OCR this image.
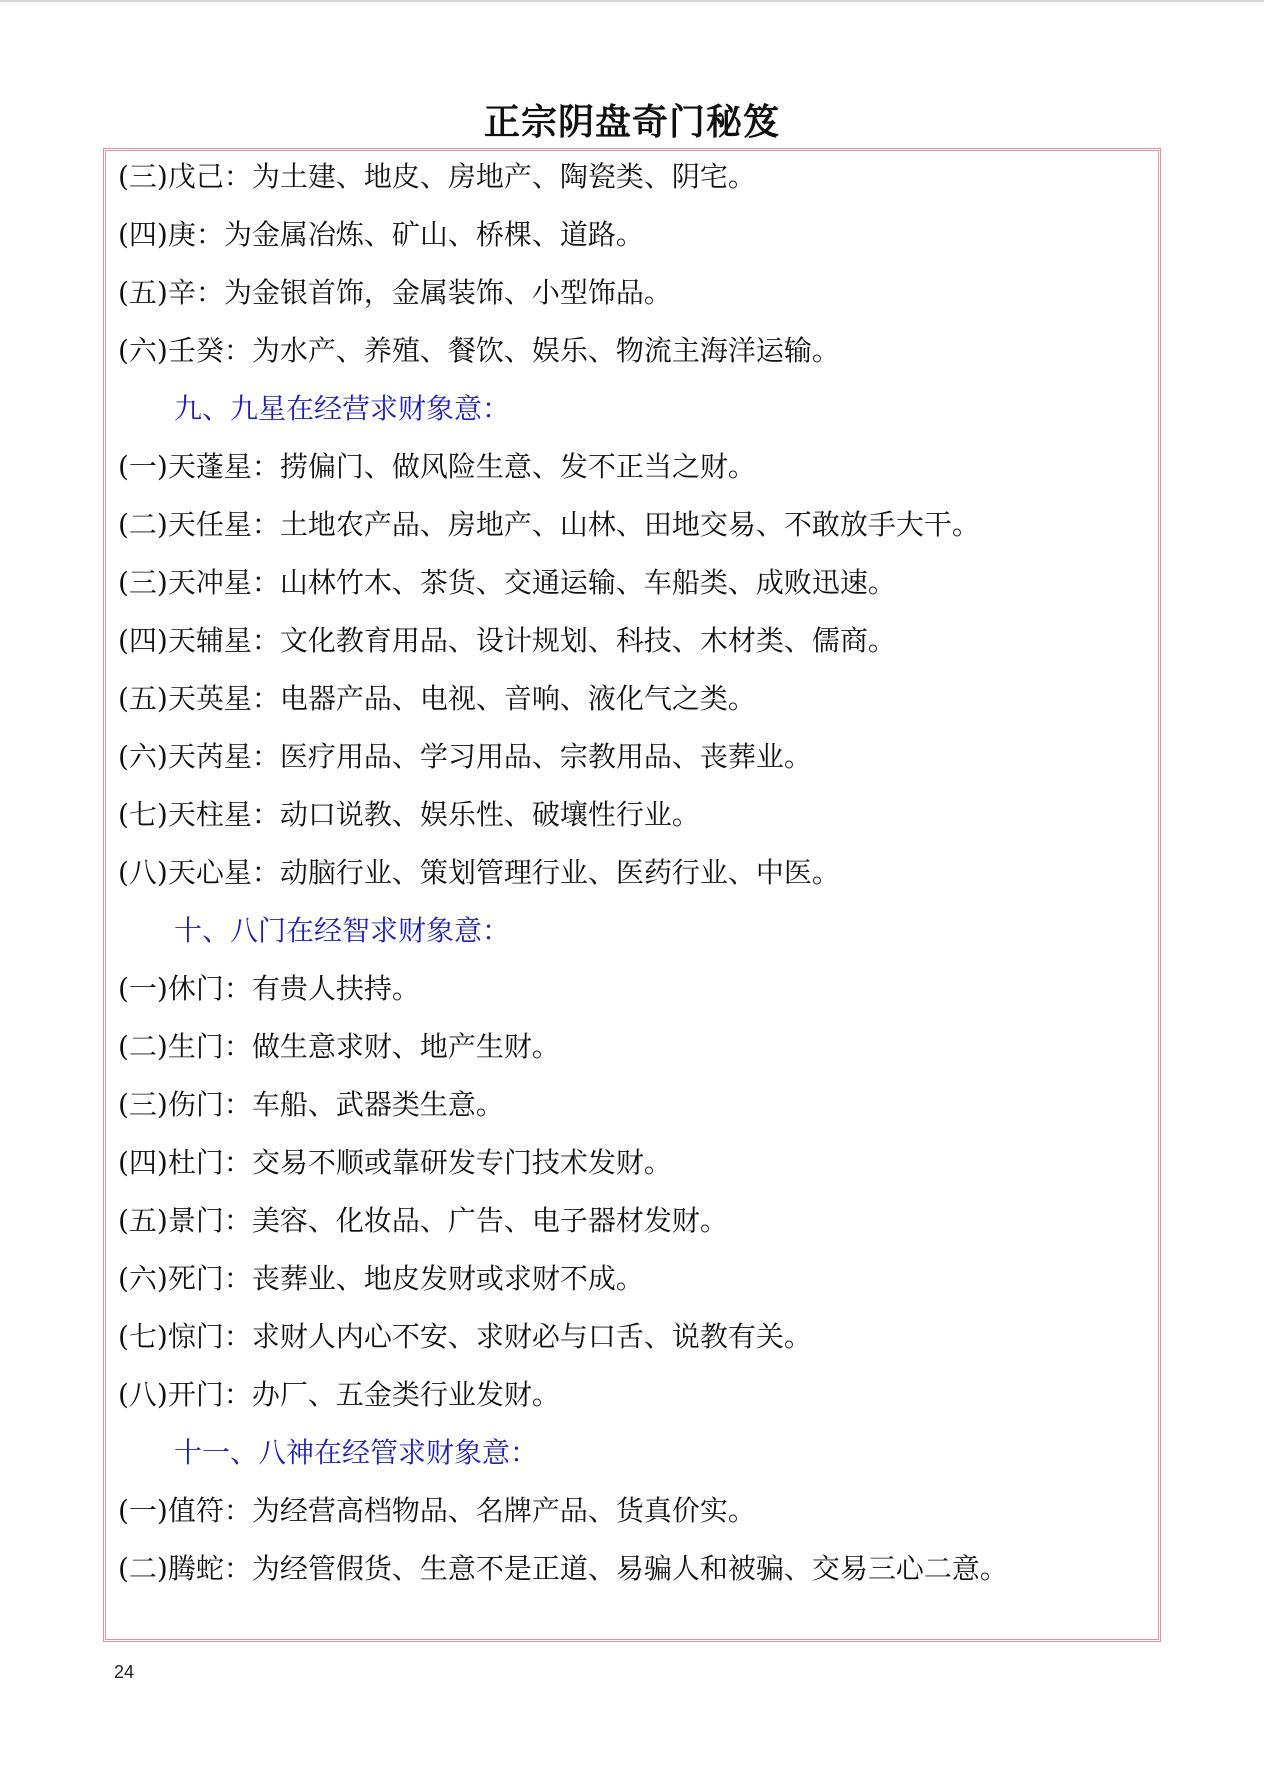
正宗阴盘奇门秘笈
(三)戊己：为土建、地皮、房地产、陶瓷类、阴宅。
(四)庚：为金属冶炼、矿山、桥棵、道路。
(五)辛：为金银首饰，金属装饰、小型饰品。
(六)壬癸：为水产、养殖、餐饮、娱乐、物流主海洋运输。
九、九星在经营求财象意：
(一)天蓬星：捞偏门、做风险生意、发不正当之财。
(二)天任星：土地农产品、房地产、山林、田地交易、不敢放手大干。
(三)天冲星：山林竹木、茶货、交通运输、车船类、成败迅速。
(四)天辅星：文化教育用品、设计规划、科技、木材类、儒商。
(五)天英星：电器产品、电视、音响、液化气之类。
(六)天芮星：医疗用品、学习用品、宗教用品、丧葬业。
(七)天柱星：动口说教、娱乐性、破壤性行业。
(八)天心星：动脑行业、策划管理行业、医药行业、中医。
十、八门在经智求财象意：
(一)休门：有贵人扶持。
(二)生门：做生意求财、地产生财。
(三)伤门：车船、武器类生意。
(四)杜门：交易不顺或靠研发专门技术发财。
(五)景门：美容、化妆品、广告、电子器材发财。
(六)死门：丧葬业、地皮发财或求财不成。
(七)惊门：求财人内心不安、求财必与口舌、说教有关。
(八)开门：办厂、五金类行业发财。
十一、八神在经管求财象意：
(一)值符：为经营高档物品、名牌产品、货真价实。
(二)腾蛇：为经管假货、生意不是正道、易骗人和被骗、交易三心二意。
24
